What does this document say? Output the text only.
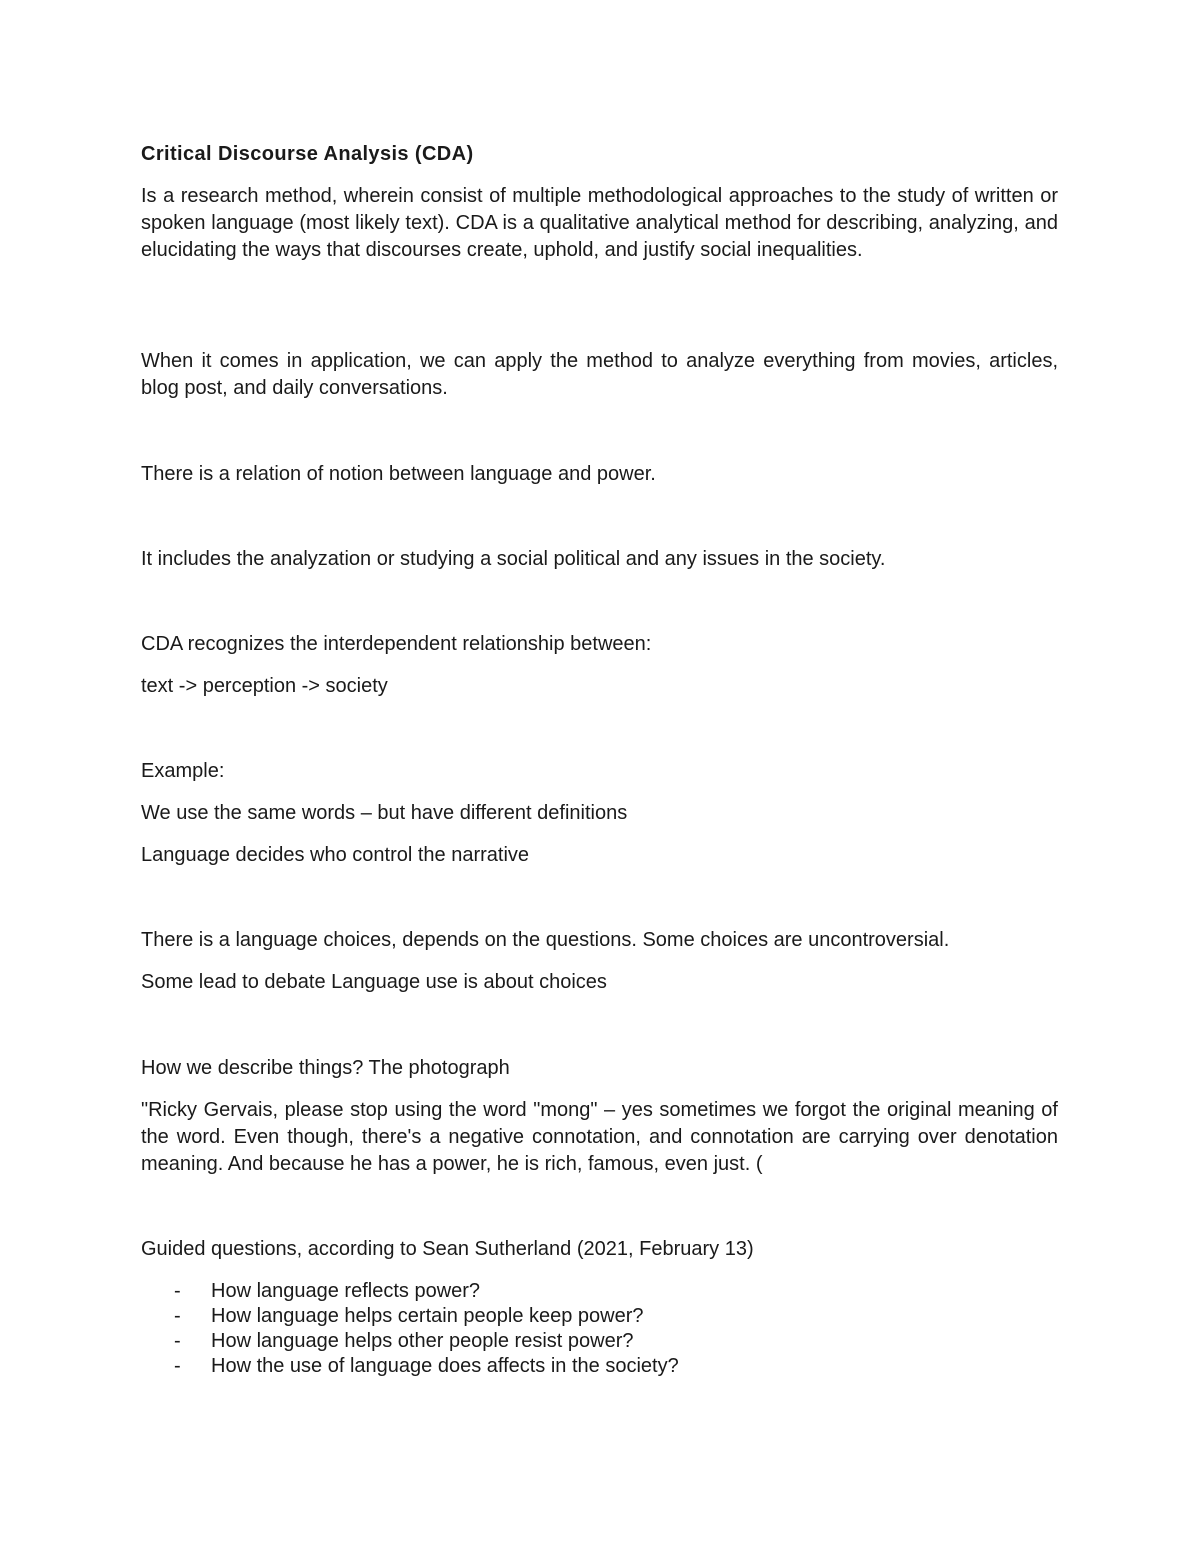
Critical Discourse Analysis (CDA)

Is a research method, wherein consist of multiple methodological approaches to the study of written or spoken language (most likely text). CDA is a qualitative analytical method for describing, analyzing, and elucidating the ways that discourses create, uphold, and justify social inequalities.

When it comes in application, we can apply the method to analyze everything from movies, articles, blog post, and daily conversations.

There is a relation of notion between language and power.

It includes the analyzation or studying a social political and any issues in the society.

CDA recognizes the interdependent relationship between:

text -> perception -> society

Example:

We use the same words – but have different definitions

Language decides who control the narrative

There is a language choices, depends on the questions. Some choices are uncontroversial.

Some lead to debate Language use is about choices

How we describe things? The photograph

"Ricky Gervais, please stop using the word "mong" – yes sometimes we forgot the original meaning of the word. Even though, there's a negative connotation, and connotation are carrying over denotation meaning. And because he has a power, he is rich, famous, even just. (

Guided questions, according to Sean Sutherland (2021, February 13)

- How language reflects power?
- How language helps certain people keep power?
- How language helps other people resist power?
- How the use of language does affects in the society?
